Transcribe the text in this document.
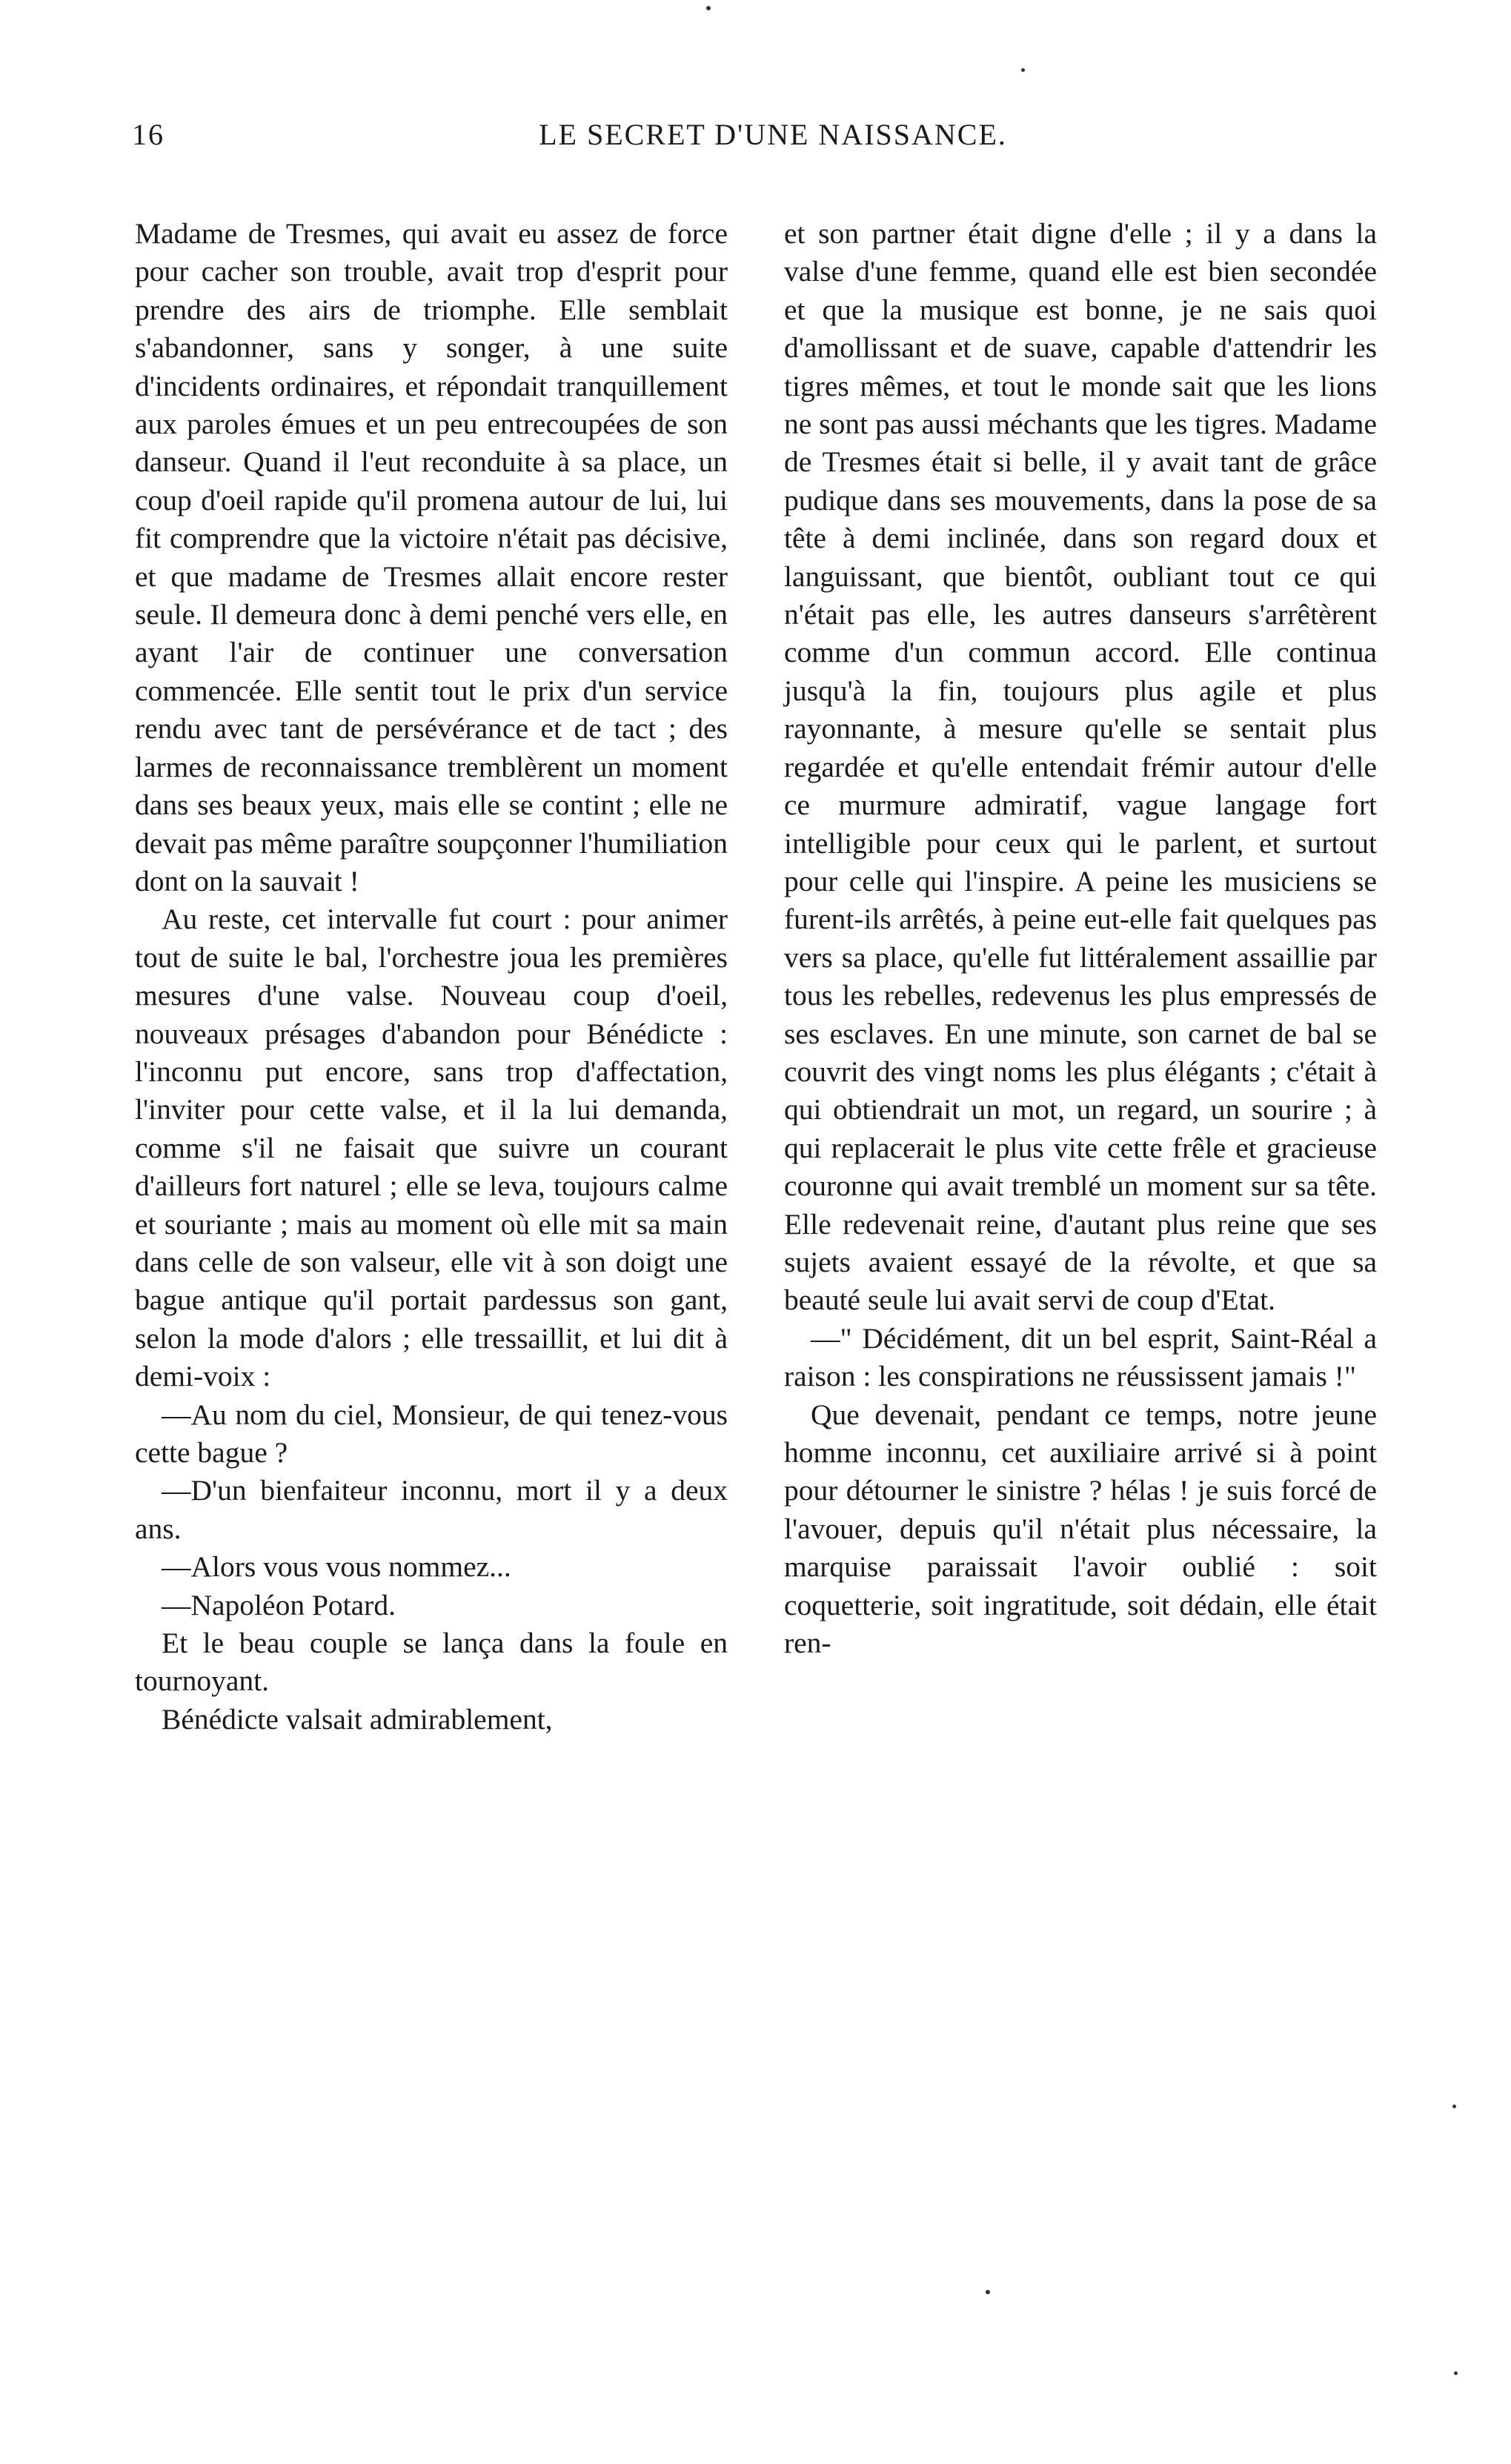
16	LE SECRET D'UNE NAISSANCE.

Madame de Tresmes, qui avait eu assez de force pour cacher son trouble, avait trop d'esprit pour prendre des airs de triomphe. Elle semblait s'abandonner, sans y songer, à une suite d'incidents ordinaires, et répondait tranquillement aux paroles émues et un peu entrecoupées de son danseur. Quand il l'eut reconduite à sa place, un coup d'oeil rapide qu'il promena autour de lui, lui fit comprendre que la victoire n'était pas décisive, et que madame de Tresmes allait encore rester seule. Il demeura donc à demi penché vers elle, en ayant l'air de continuer une conversation commencée. Elle sentit tout le prix d'un service rendu avec tant de persévérance et de tact ; des larmes de reconnaissance tremblèrent un moment dans ses beaux yeux, mais elle se contint ; elle ne devait pas même paraître soupçonner l'humiliation dont on la sauvait !

Au reste, cet intervalle fut court : pour animer tout de suite le bal, l'orchestre joua les premières mesures d'une valse. Nouveau coup d'oeil, nouveaux présages d'abandon pour Bénédicte : l'inconnu put encore, sans trop d'affectation, l'inviter pour cette valse, et il la lui demanda, comme s'il ne faisait que suivre un courant d'ailleurs fort naturel ; elle se leva, toujours calme et souriante ; mais au moment où elle mit sa main dans celle de son valseur, elle vit à son doigt une bague antique qu'il portait pardessus son gant, selon la mode d'alors ; elle tressaillit, et lui dit à demi-voix :

—Au nom du ciel, Monsieur, de qui tenez-vous cette bague ?

—D'un bienfaiteur inconnu, mort il y a deux ans.

—Alors vous vous nommez...

—Napoléon Potard.

Et le beau couple se lança dans la foule en tournoyant.

Bénédicte valsait admirablement,

et son partner était digne d'elle ; il y a dans la valse d'une femme, quand elle est bien secondée et que la musique est bonne, je ne sais quoi d'amollissant et de suave, capable d'attendrir les tigres mêmes, et tout le monde sait que les lions ne sont pas aussi méchants que les tigres. Madame de Tresmes était si belle, il y avait tant de grâce pudique dans ses mouvements, dans la pose de sa tête à demi inclinée, dans son regard doux et languissant, que bientôt, oubliant tout ce qui n'était pas elle, les autres danseurs s'arrêtèrent comme d'un commun accord. Elle continua jusqu'à la fin, toujours plus agile et plus rayonnante, à mesure qu'elle se sentait plus regardée et qu'elle entendait frémir autour d'elle ce murmure admiratif, vague langage fort intelligible pour ceux qui le parlent, et surtout pour celle qui l'inspire. A peine les musiciens se furent-ils arrêtés, à peine eut-elle fait quelques pas vers sa place, qu'elle fut littéralement assaillie par tous les rebelles, redevenus les plus empressés de ses esclaves. En une minute, son carnet de bal se couvrit des vingt noms les plus élégants ; c'était à qui obtiendrait un mot, un regard, un sourire ; à qui replacerait le plus vite cette frêle et gracieuse couronne qui avait tremblé un moment sur sa tête. Elle redevenait reine, d'autant plus reine que ses sujets avaient essayé de la révolte, et que sa beauté seule lui avait servi de coup d'Etat.

—" Décidément, dit un bel esprit, Saint-Réal a raison : les conspirations ne réussissent jamais !"

Que devenait, pendant ce temps, notre jeune homme inconnu, cet auxiliaire arrivé si à point pour détourner le sinistre ? hélas ! je suis forcé de l'avouer, depuis qu'il n'était plus nécessaire, la marquise paraissait l'avoir oublié : soit coquetterie, soit ingratitude, soit dédain, elle était ren-
